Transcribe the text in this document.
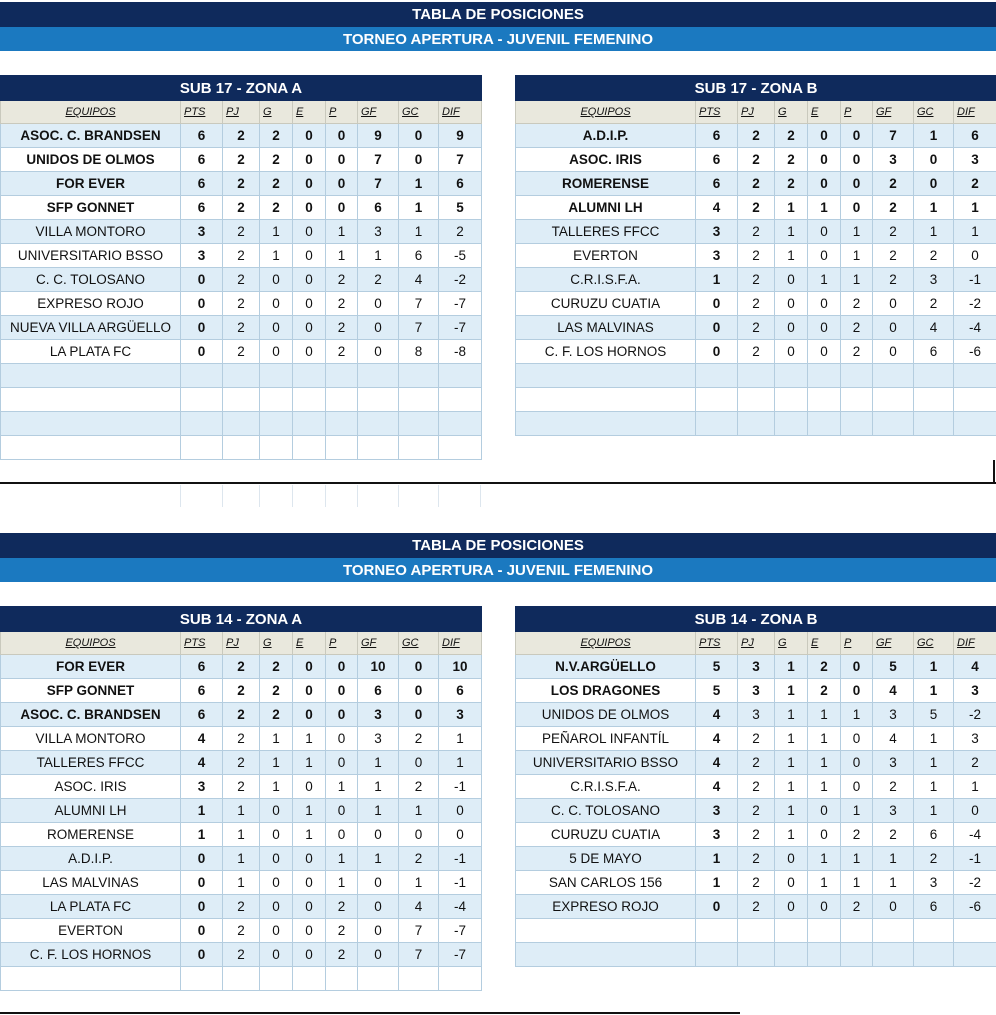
TABLA DE POSICIONES
TORNEO APERTURA - JUVENIL FEMENINO
TABLA DE POSICIONES
TORNEO APERTURA - JUVENIL FEMENINO
SUB 17 - ZONA A								
EQUIPOS	PTS	PJ	G	E	P	GF	GC	DIF
ASOC. C. BRANDSEN	6	2	2	0	0	9	0	9
UNIDOS DE OLMOS	6	2	2	0	0	7	0	7
FOR EVER	6	2	2	0	0	7	1	6
SFP GONNET	6	2	2	0	0	6	1	5
VILLA MONTORO	3	2	1	0	1	3	1	2
UNIVERSITARIO BSSO	3	2	1	0	1	1	6	-5
C. C. TOLOSANO	0	2	0	0	2	2	4	-2
EXPRESO ROJO	0	2	0	0	2	0	7	-7
NUEVA VILLA ARGÜELLO	0	2	0	0	2	0	7	-7
LA PLATA FC	0	2	0	0	2	0	8	-8

SUB 17 - ZONA B								
EQUIPOS	PTS	PJ	G	E	P	GF	GC	DIF
A.D.I.P.	6	2	2	0	0	7	1	6
ASOC. IRIS	6	2	2	0	0	3	0	3
ROMERENSE	6	2	2	0	0	2	0	2
ALUMNI LH	4	2	1	1	0	2	1	1
TALLERES FFCC	3	2	1	0	1	2	1	1
EVERTON	3	2	1	0	1	2	2	0
C.R.I.S.F.A.	1	2	0	1	1	2	3	-1
CURUZU CUATIA	0	2	0	0	2	0	2	-2
LAS MALVINAS	0	2	0	0	2	0	4	-4
C. F. LOS HORNOS	0	2	0	0	2	0	6	-6

SUB 14 - ZONA A								
EQUIPOS	PTS	PJ	G	E	P	GF	GC	DIF
FOR EVER	6	2	2	0	0	10	0	10
SFP GONNET	6	2	2	0	0	6	0	6
ASOC. C. BRANDSEN	6	2	2	0	0	3	0	3
VILLA MONTORO	4	2	1	1	0	3	2	1
TALLERES FFCC	4	2	1	1	0	1	0	1
ASOC. IRIS	3	2	1	0	1	1	2	-1
ALUMNI LH	1	1	0	1	0	1	1	0
ROMERENSE	1	1	0	1	0	0	0	0
A.D.I.P.	0	1	0	0	1	1	2	-1
LAS MALVINAS	0	1	0	0	1	0	1	-1
LA PLATA FC	0	2	0	0	2	0	4	-4
EVERTON	0	2	0	0	2	0	7	-7
C. F. LOS HORNOS	0	2	0	0	2	0	7	-7

SUB 14 - ZONA B								
EQUIPOS	PTS	PJ	G	E	P	GF	GC	DIF
N.V.ARGÜELLO	5	3	1	2	0	5	1	4
LOS DRAGONES	5	3	1	2	0	4	1	3
UNIDOS DE OLMOS	4	3	1	1	1	3	5	-2
PEÑAROL INFANTÍL	4	2	1	1	0	4	1	3
UNIVERSITARIO BSSO	4	2	1	1	0	3	1	2
C.R.I.S.F.A.	4	2	1	1	0	2	1	1
C. C. TOLOSANO	3	2	1	0	1	3	1	0
CURUZU CUATIA	3	2	1	0	2	2	6	-4
5 DE MAYO	1	2	0	1	1	1	2	-1
SAN CARLOS 156	1	2	0	1	1	1	3	-2
EXPRESO ROJO	0	2	0	0	2	0	6	-6
